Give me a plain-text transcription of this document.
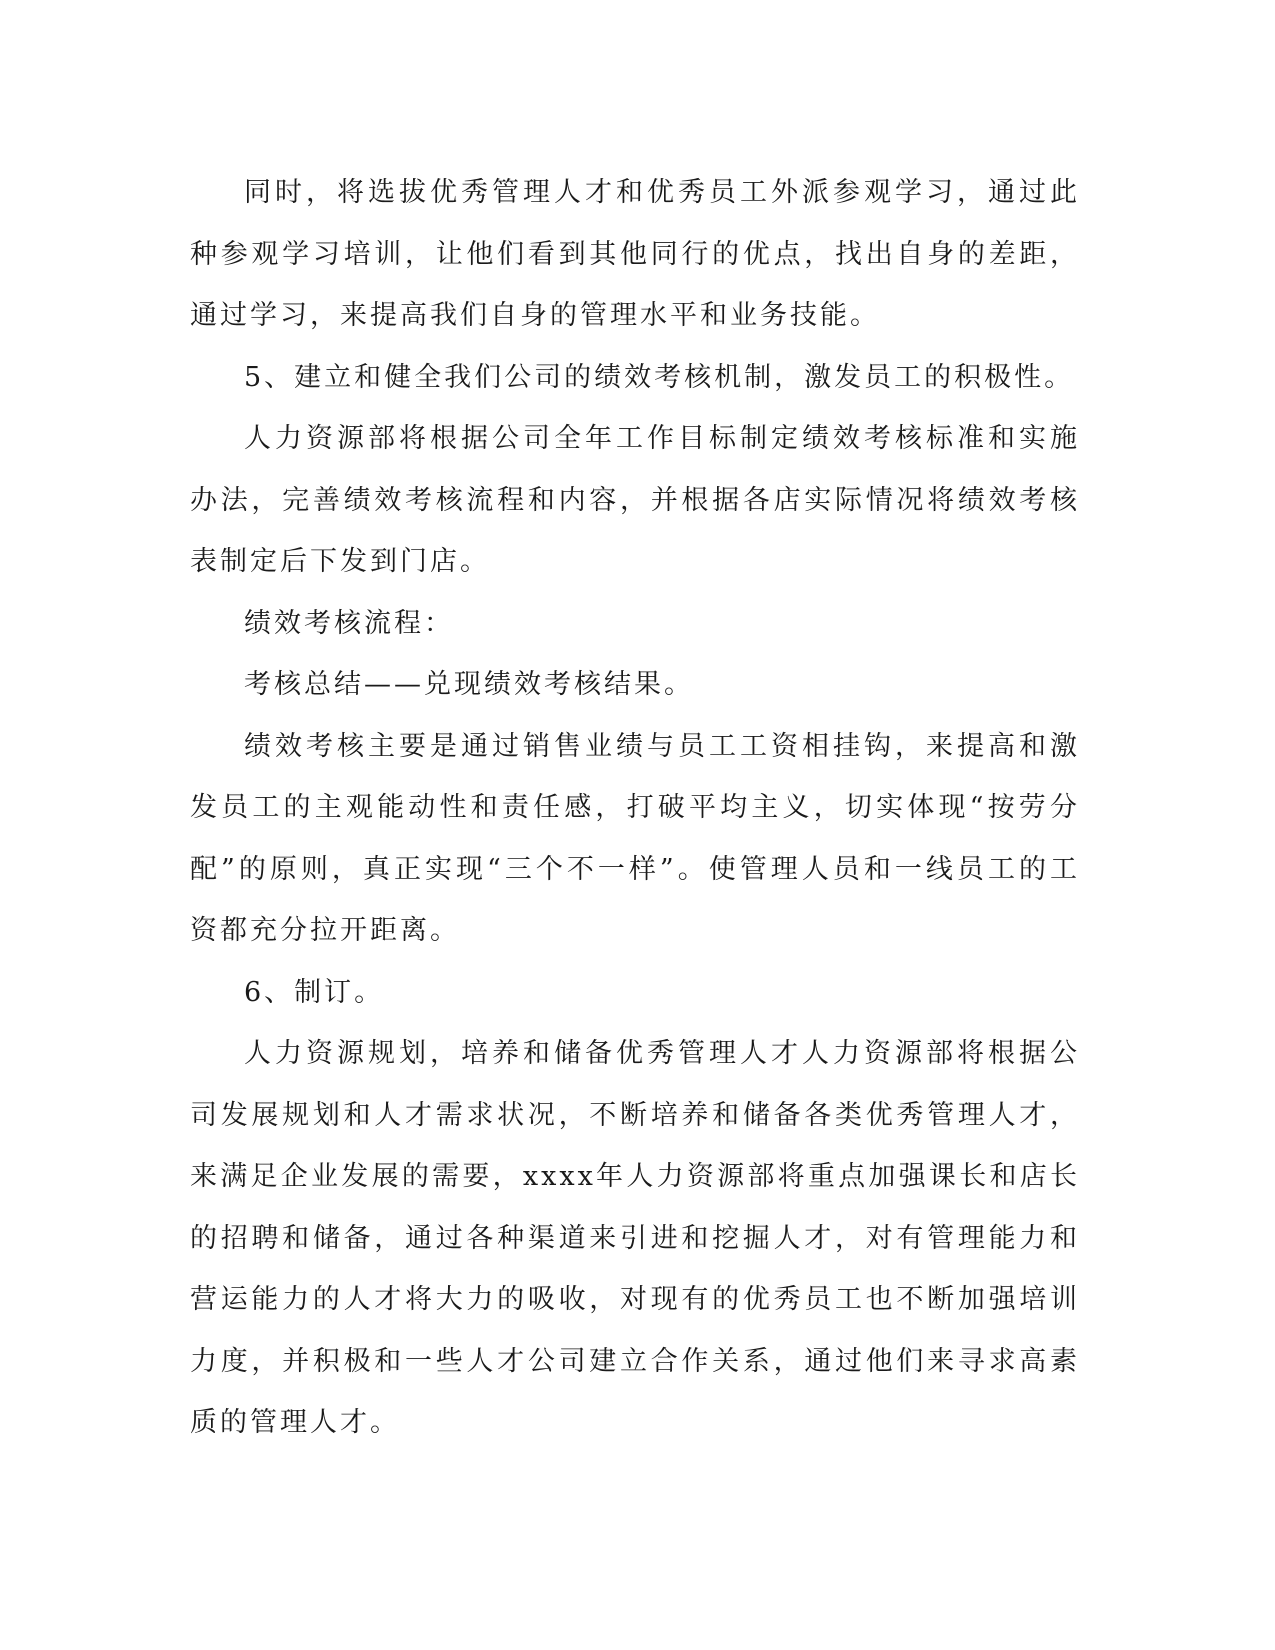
同时，将选拔优秀管理人才和优秀员工外派参观学习，通过此种参观学习培训，让他们看到其他同行的优点，找出自身的差距，通过学习，来提高我们自身的管理水平和业务技能。

5、建立和健全我们公司的绩效考核机制，激发员工的积极性。

人力资源部将根据公司全年工作目标制定绩效考核标准和实施办法，完善绩效考核流程和内容，并根据各店实际情况将绩效考核表制定后下发到门店。

绩效考核流程：

考核总结——兑现绩效考核结果。

绩效考核主要是通过销售业绩与员工工资相挂钩，来提高和激发员工的主观能动性和责任感，打破平均主义，切实体现“按劳分配”的原则，真正实现“三个不一样”。使管理人员和一线员工的工资都充分拉开距离。

6、制订。

人力资源规划，培养和储备优秀管理人才人力资源部将根据公司发展规划和人才需求状况，不断培养和储备各类优秀管理人才，来满足企业发展的需要，xxxx年人力资源部将重点加强课长和店长的招聘和储备，通过各种渠道来引进和挖掘人才，对有管理能力和营运能力的人才将大力的吸收，对现有的优秀员工也不断加强培训力度，并积极和一些人才公司建立合作关系，通过他们来寻求高素质的管理人才。
